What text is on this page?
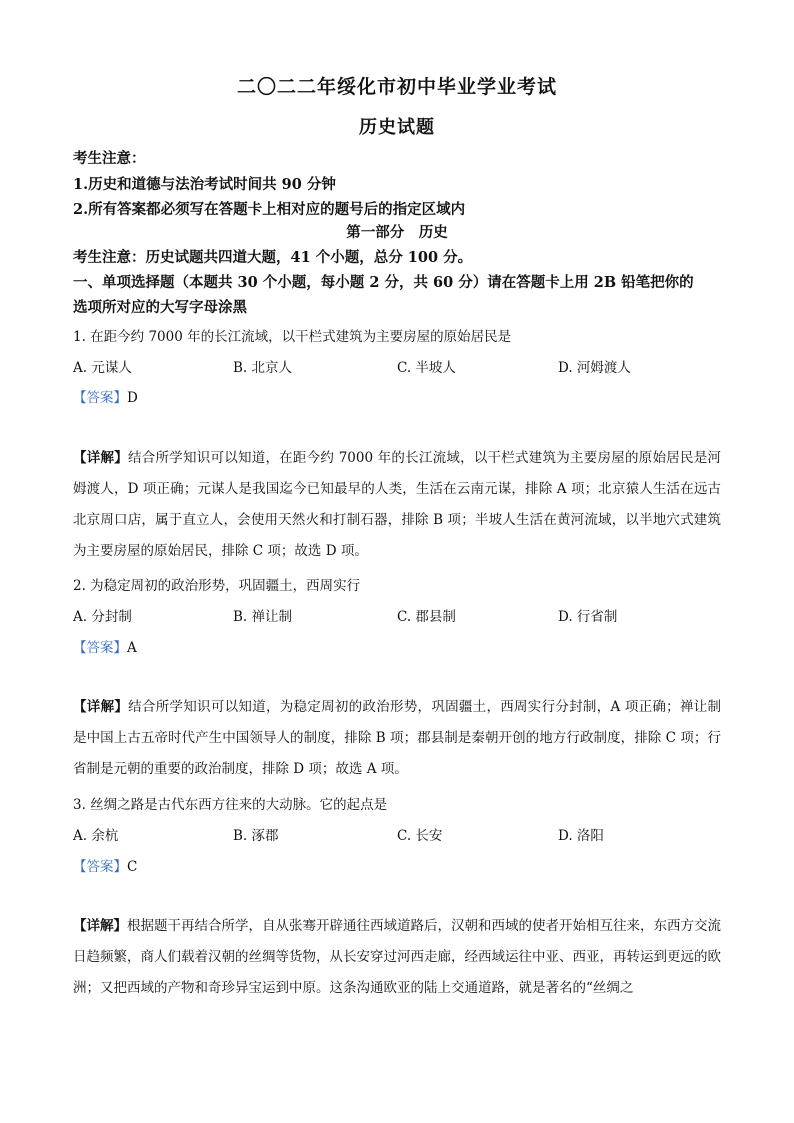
二〇二二年绥化市初中毕业学业考试
历史试题
考生注意：
1.历史和道德与法治考试时间共 90 分钟
2.所有答案都必须写在答题卡上相对应的题号后的指定区域内
第一部分　历史
考生注意：历史试题共四道大题，41 个小题，总分 100 分。
一、单项选择题（本题共 30 个小题，每小题 2 分，共 60 分）请在答题卡上用 2B 铅笔把你的
选项所对应的大写字母涂黑
1. 在距今约 7000 年的长江流域，以干栏式建筑为主要房屋的原始居民是
A. 元谋人	B. 北京人	C. 半坡人	D. 河姆渡人
【答案】D
【详解】结合所学知识可以知道，在距今约 7000 年的长江流域，以干栏式建筑为主要房屋的原始居民是河姆渡人，D 项正确；元谋人是我国迄今已知最早的人类，生活在云南元谋，排除 A 项；北京猿人生活在远古北京周口店，属于直立人，会使用天然火和打制石器，排除 B 项；半坡人生活在黄河流域，以半地穴式建筑为主要房屋的原始居民，排除 C 项；故选 D 项。
2. 为稳定周初的政治形势，巩固疆土，西周实行
A. 分封制	B. 禅让制	C. 郡县制	D. 行省制
【答案】A
【详解】结合所学知识可以知道，为稳定周初的政治形势，巩固疆土，西周实行分封制，A 项正确；禅让制是中国上古五帝时代产生中国领导人的制度，排除 B 项；郡县制是秦朝开创的地方行政制度，排除 C 项；行省制是元朝的重要的政治制度，排除 D 项；故选 A 项。
3. 丝绸之路是古代东西方往来的大动脉。它的起点是
A. 余杭	B. 涿郡	C. 长安	D. 洛阳
【答案】C
【详解】根据题干再结合所学，自从张骞开辟通往西域道路后，汉朝和西域的使者开始相互往来，东西方交流日趋频繁，商人们载着汉朝的丝绸等货物，从长安穿过河西走廊，经西域运往中亚、西亚，再转运到更远的欧洲；又把西域的产物和奇珍异宝运到中原。这条沟通欧亚的陆上交通道路，就是著名的“丝绸之
